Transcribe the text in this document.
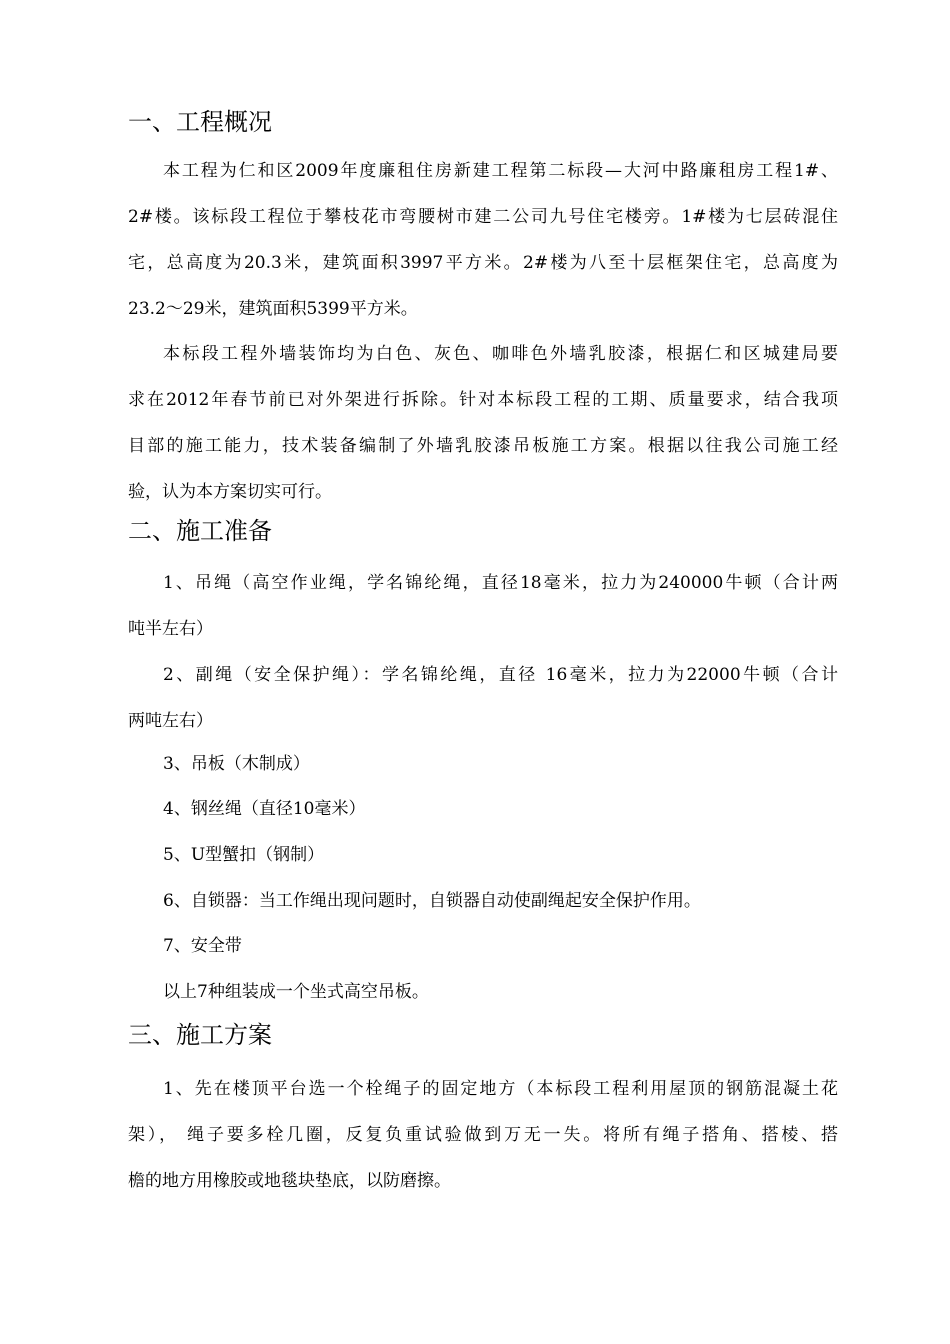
一、工程概况
本工程为仁和区2009年度廉租住房新建工程第二标段—大河中路廉租房工程1#、
2#楼。该标段工程位于攀枝花市弯腰树市建二公司九号住宅楼旁。1#楼为七层砖混住
宅，总高度为20.3米，建筑面积3997平方米。2#楼为八至十层框架住宅，总高度为
23.2～29米，建筑面积5399平方米。
本标段工程外墙装饰均为白色、灰色、咖啡色外墙乳胶漆，根据仁和区城建局要
求在2012年春节前已对外架进行拆除。针对本标段工程的工期、质量要求，结合我项
目部的施工能力，技术装备编制了外墙乳胶漆吊板施工方案。根据以往我公司施工经
验，认为本方案切实可行。
二、施工准备
1、吊绳（高空作业绳，学名锦纶绳，直径18毫米，拉力为240000牛顿（合计两
吨半左右）
2、副绳（安全保护绳）：学名锦纶绳，直径 16毫米，拉力为22000牛顿（合计
两吨左右）

3、吊板（木制成）

4、钢丝绳（直径10毫米）

5、U型蟹扣（钢制）

6、自锁器：当工作绳出现问题时，自锁器自动使副绳起安全保护作用。

7、安全带

以上7种组装成一个坐式高空吊板。

三、施工方案
1、先在楼顶平台选一个栓绳子的固定地方（本标段工程利用屋顶的钢筋混凝土花
架）， 绳子要多栓几圈，反复负重试验做到万无一失。将所有绳子搭角、搭棱、搭
檐的地方用橡胶或地毯块垫底，以防磨擦。
